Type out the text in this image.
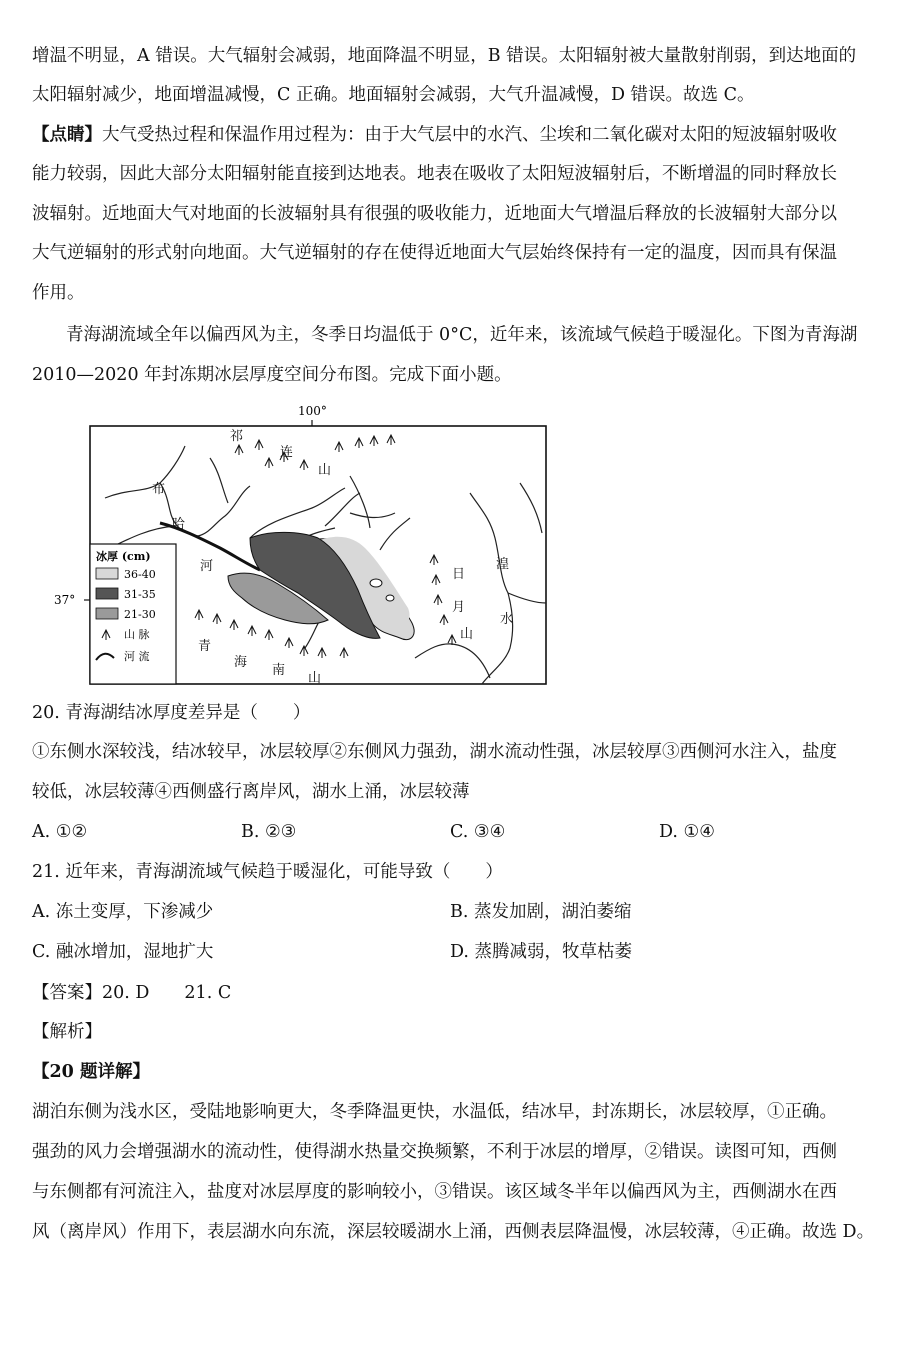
增温不明显，A 错误。大气辐射会减弱，地面降温不明显，B 错误。太阳辐射被大量散射削弱，到达地面的
太阳辐射减少，地面增温减慢，C 正确。地面辐射会减弱，大气升温减慢，D 错误。故选 C。
【点睛】大气受热过程和保温作用过程为：由于大气层中的水汽、尘埃和二氧化碳对太阳的短波辐射吸收
能力较弱，因此大部分太阳辐射能直接到达地表。地表在吸收了太阳短波辐射后，不断增温的同时释放长
波辐射。近地面大气对地面的长波辐射具有很强的吸收能力，近地面大气增温后释放的长波辐射大部分以
大气逆辐射的形式射向地面。大气逆辐射的存在使得近地面大气层始终保持有一定的温度，因而具有保温
作用。
青海湖流域全年以偏西风为主，冬季日均温低于 0°C，近年来，该流域气候趋于暖湿化。下图为青海湖
2010—2020 年封冻期冰层厚度空间分布图。完成下面小题。
100°
37°
祁
连
山
布
哈
河
日
月
山
湟
水
青
海
南
山
冰厚 (cm)
36-40
31-35
21-30
山 脉
河 流
20. 青海湖结冰厚度差异是（　　）
①东侧水深较浅，结冰较早，冰层较厚②东侧风力强劲，湖水流动性强，冰层较厚③西侧河水注入，盐度
较低，冰层较薄④西侧盛行离岸风，湖水上涌，冰层较薄
A. ①②	B. ②③	C. ③④	D. ①④
21. 近年来，青海湖流域气候趋于暖湿化，可能导致（　　）
A. 冻土变厚，下渗减少	B. 蒸发加剧，湖泊萎缩
C. 融冰增加，湿地扩大	D. 蒸腾减弱，牧草枯萎
【答案】20. D　　21. C
【解析】
【20 题详解】
湖泊东侧为浅水区，受陆地影响更大，冬季降温更快，水温低，结冰早，封冻期长，冰层较厚，①正确。
强劲的风力会增强湖水的流动性，使得湖水热量交换频繁，不利于冰层的增厚，②错误。读图可知，西侧
与东侧都有河流注入，盐度对冰层厚度的影响较小，③错误。该区域冬半年以偏西风为主，西侧湖水在西
风（离岸风）作用下，表层湖水向东流，深层较暖湖水上涌，西侧表层降温慢，冰层较薄，④正确。故选 D。
